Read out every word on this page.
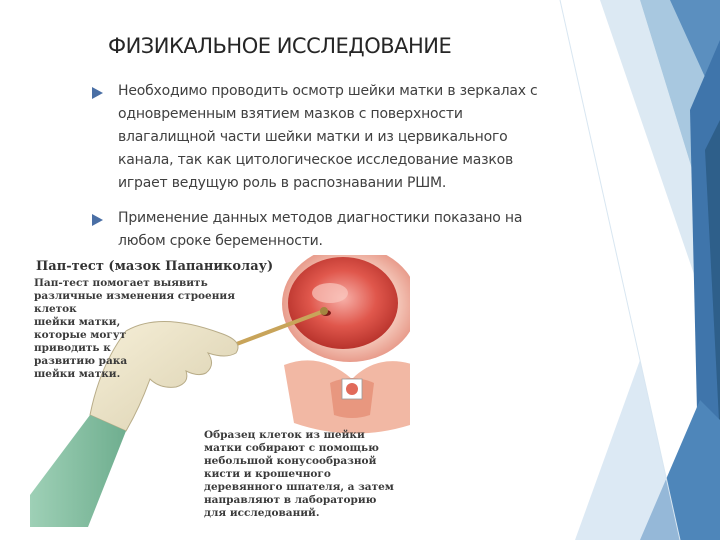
ФИЗИКАЛЬНОЕ ИССЛЕДОВАНИЕ
Необходимо проводить осмотр шейки матки в зеркалах с одновременным взятием мазков с поверхности влагалищной части шейки матки и из цервикального канала, так как цитологическое исследование мазков играет ведущую роль в распознавании РШМ.
Применение данных методов диагностики показано на любом сроке беременности.

Пап-тест (мазок Папаниколау)

Пап-тест помогает выявить
различные изменения строения клеток
шейки матки,
которые могут
приводить к
развитию рака
шейки матки.

Образец клеток из шейки
матки собирают с помощью
небольшой конусообразной
кисти и крошечного
деревянного шпателя, а затем
направляют в лабораторию
для исследований.
